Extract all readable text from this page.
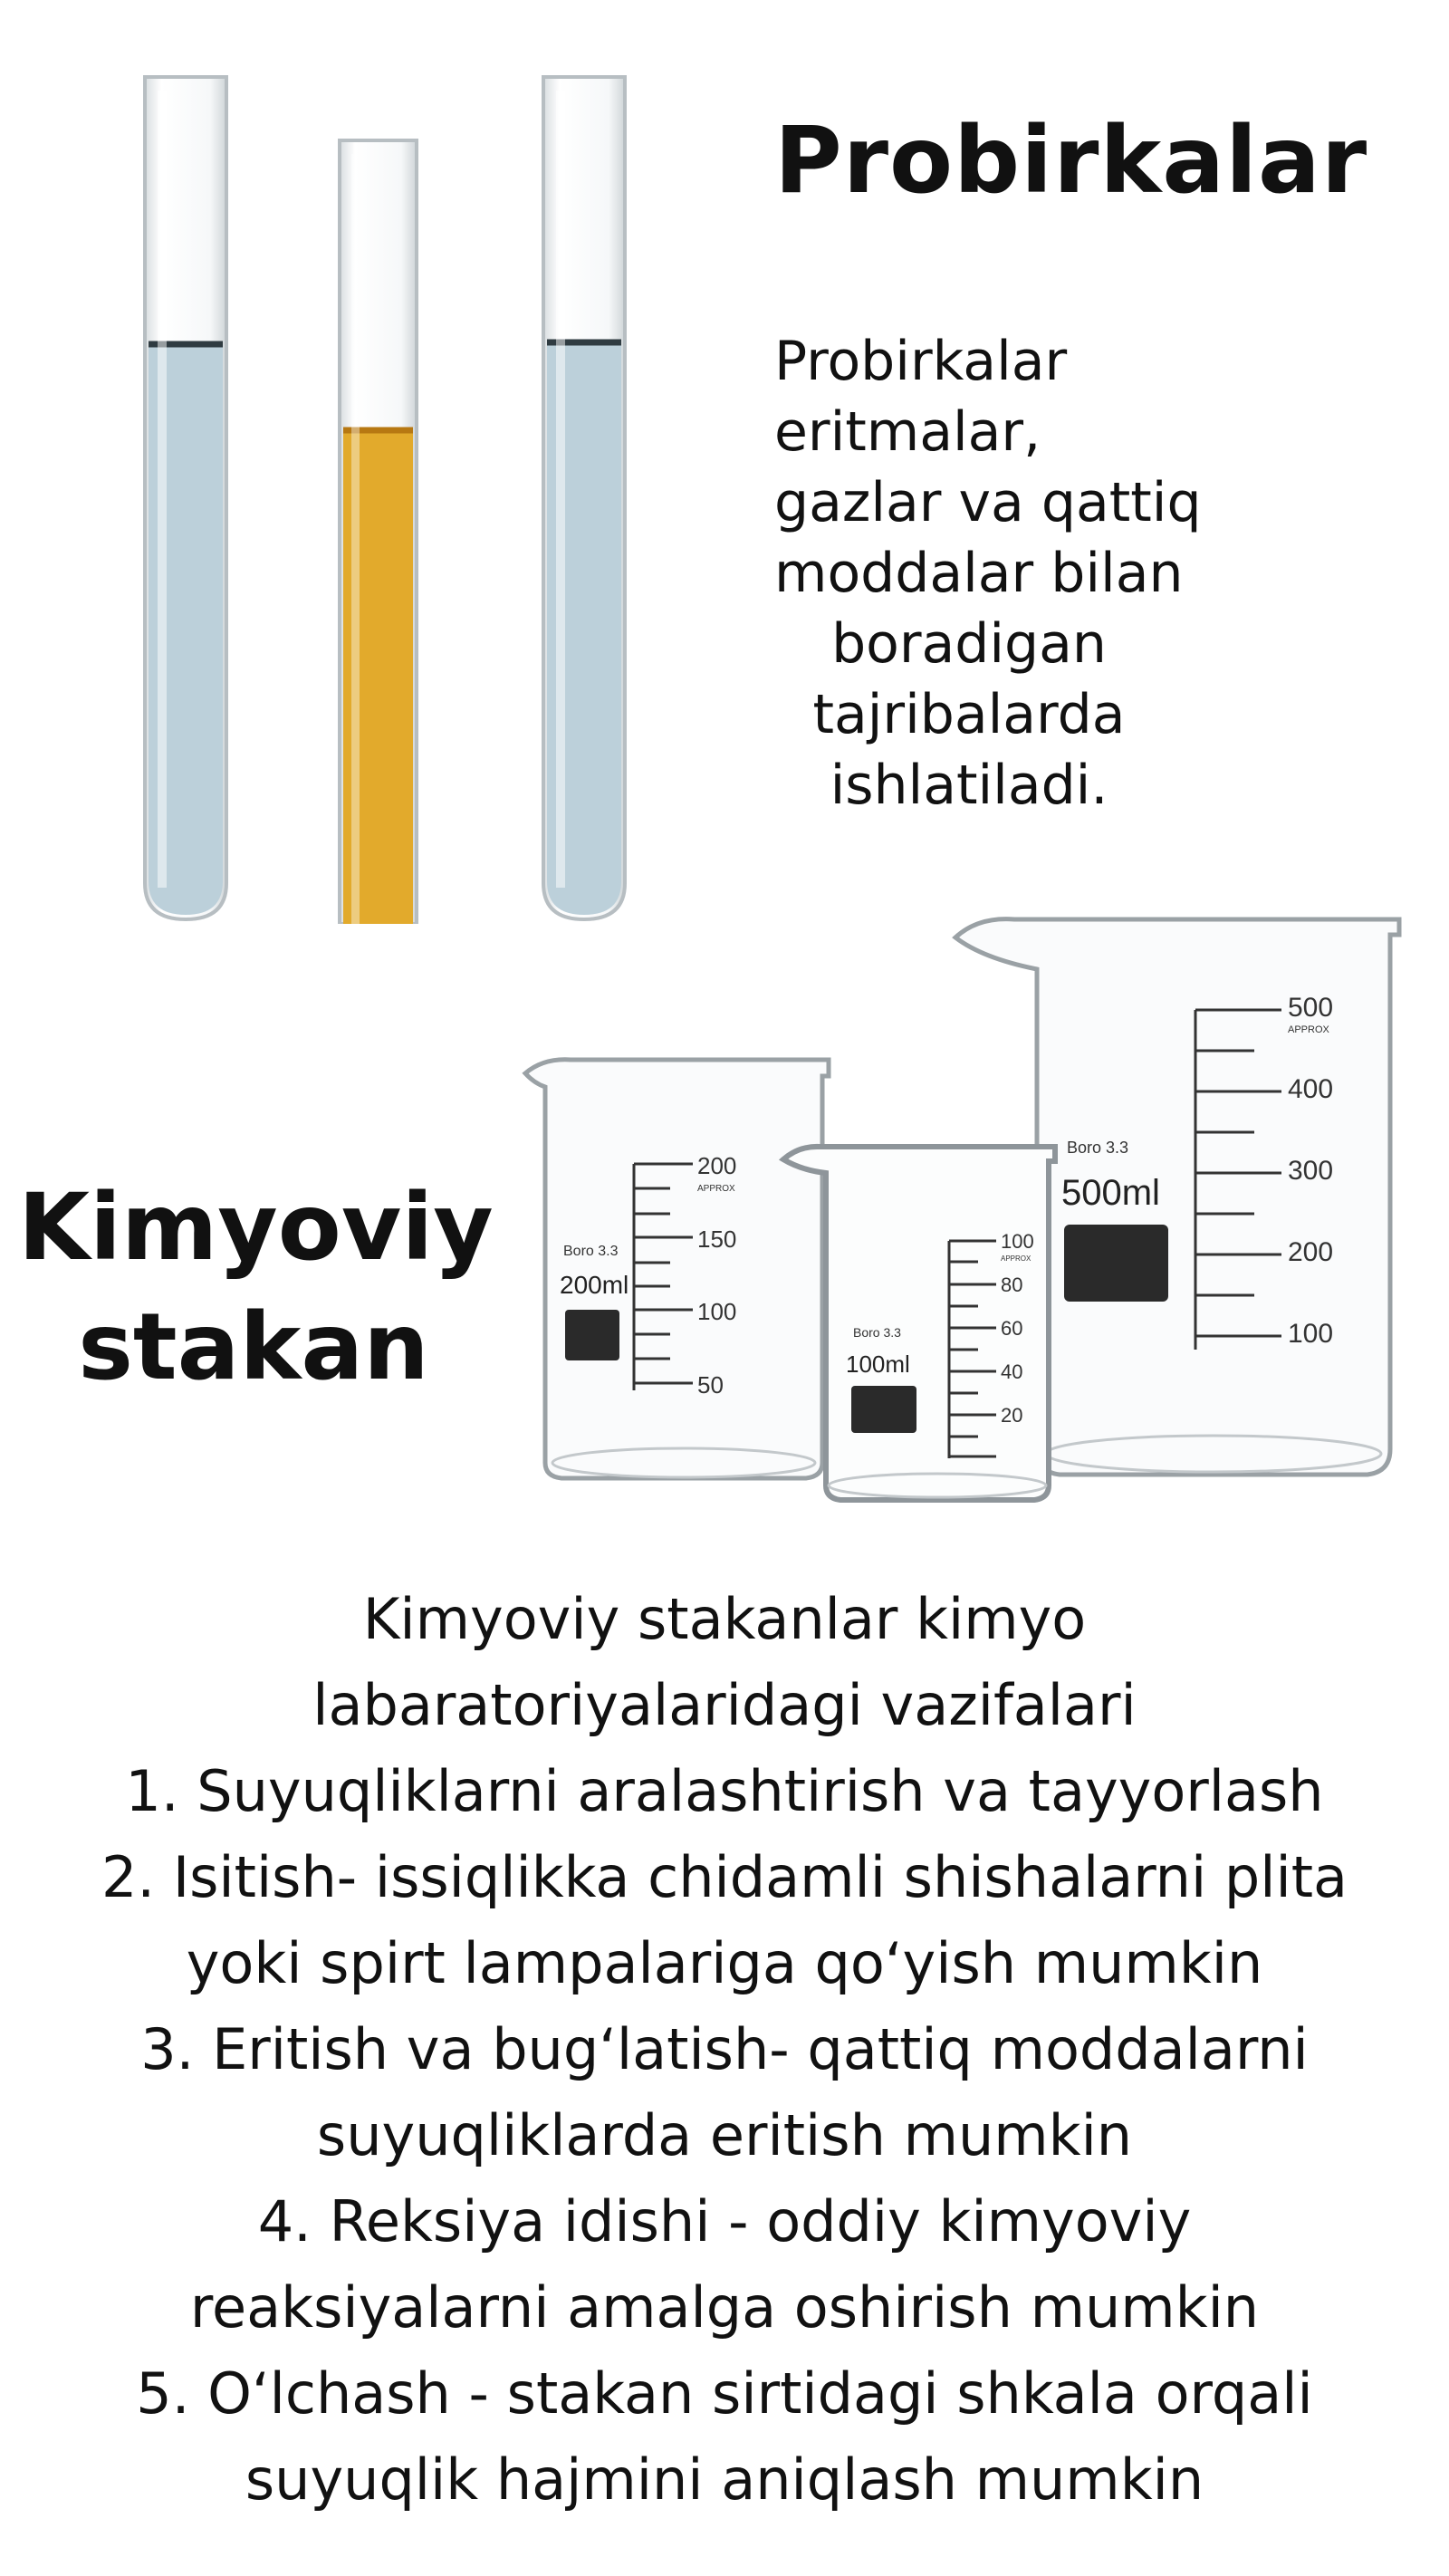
200
APPROX
150
100
50
Boro 3.3
200ml
500
APPROX
400
300
200
100
Boro 3.3
500ml
100
APPROX
80
60
40
20
Boro 3.3
100ml
Probirkalar
Probirkalar
eritmalar,
gazlar va qattiq
moddalar bilan
boradigan
tajribalarda
ishlatiladi.
Kimyoviy
stakan
Kimyoviy stakanlar kimyo
labaratoriyalaridagi vazifalari
1. Suyuqliklarni aralashtirish va tayyorlash
2. Isitish- issiqlikka chidamli shishalarni plita
yoki spirt lampalariga qo‘yish mumkin
3. Eritish va bug‘latish- qattiq moddalarni
suyuqliklarda eritish mumkin
4. Reksiya idishi - oddiy kimyoviy
reaksiyalarni amalga oshirish mumkin
5. O‘lchash - stakan sirtidagi shkala orqali
suyuqlik hajmini aniqlash mumkin
